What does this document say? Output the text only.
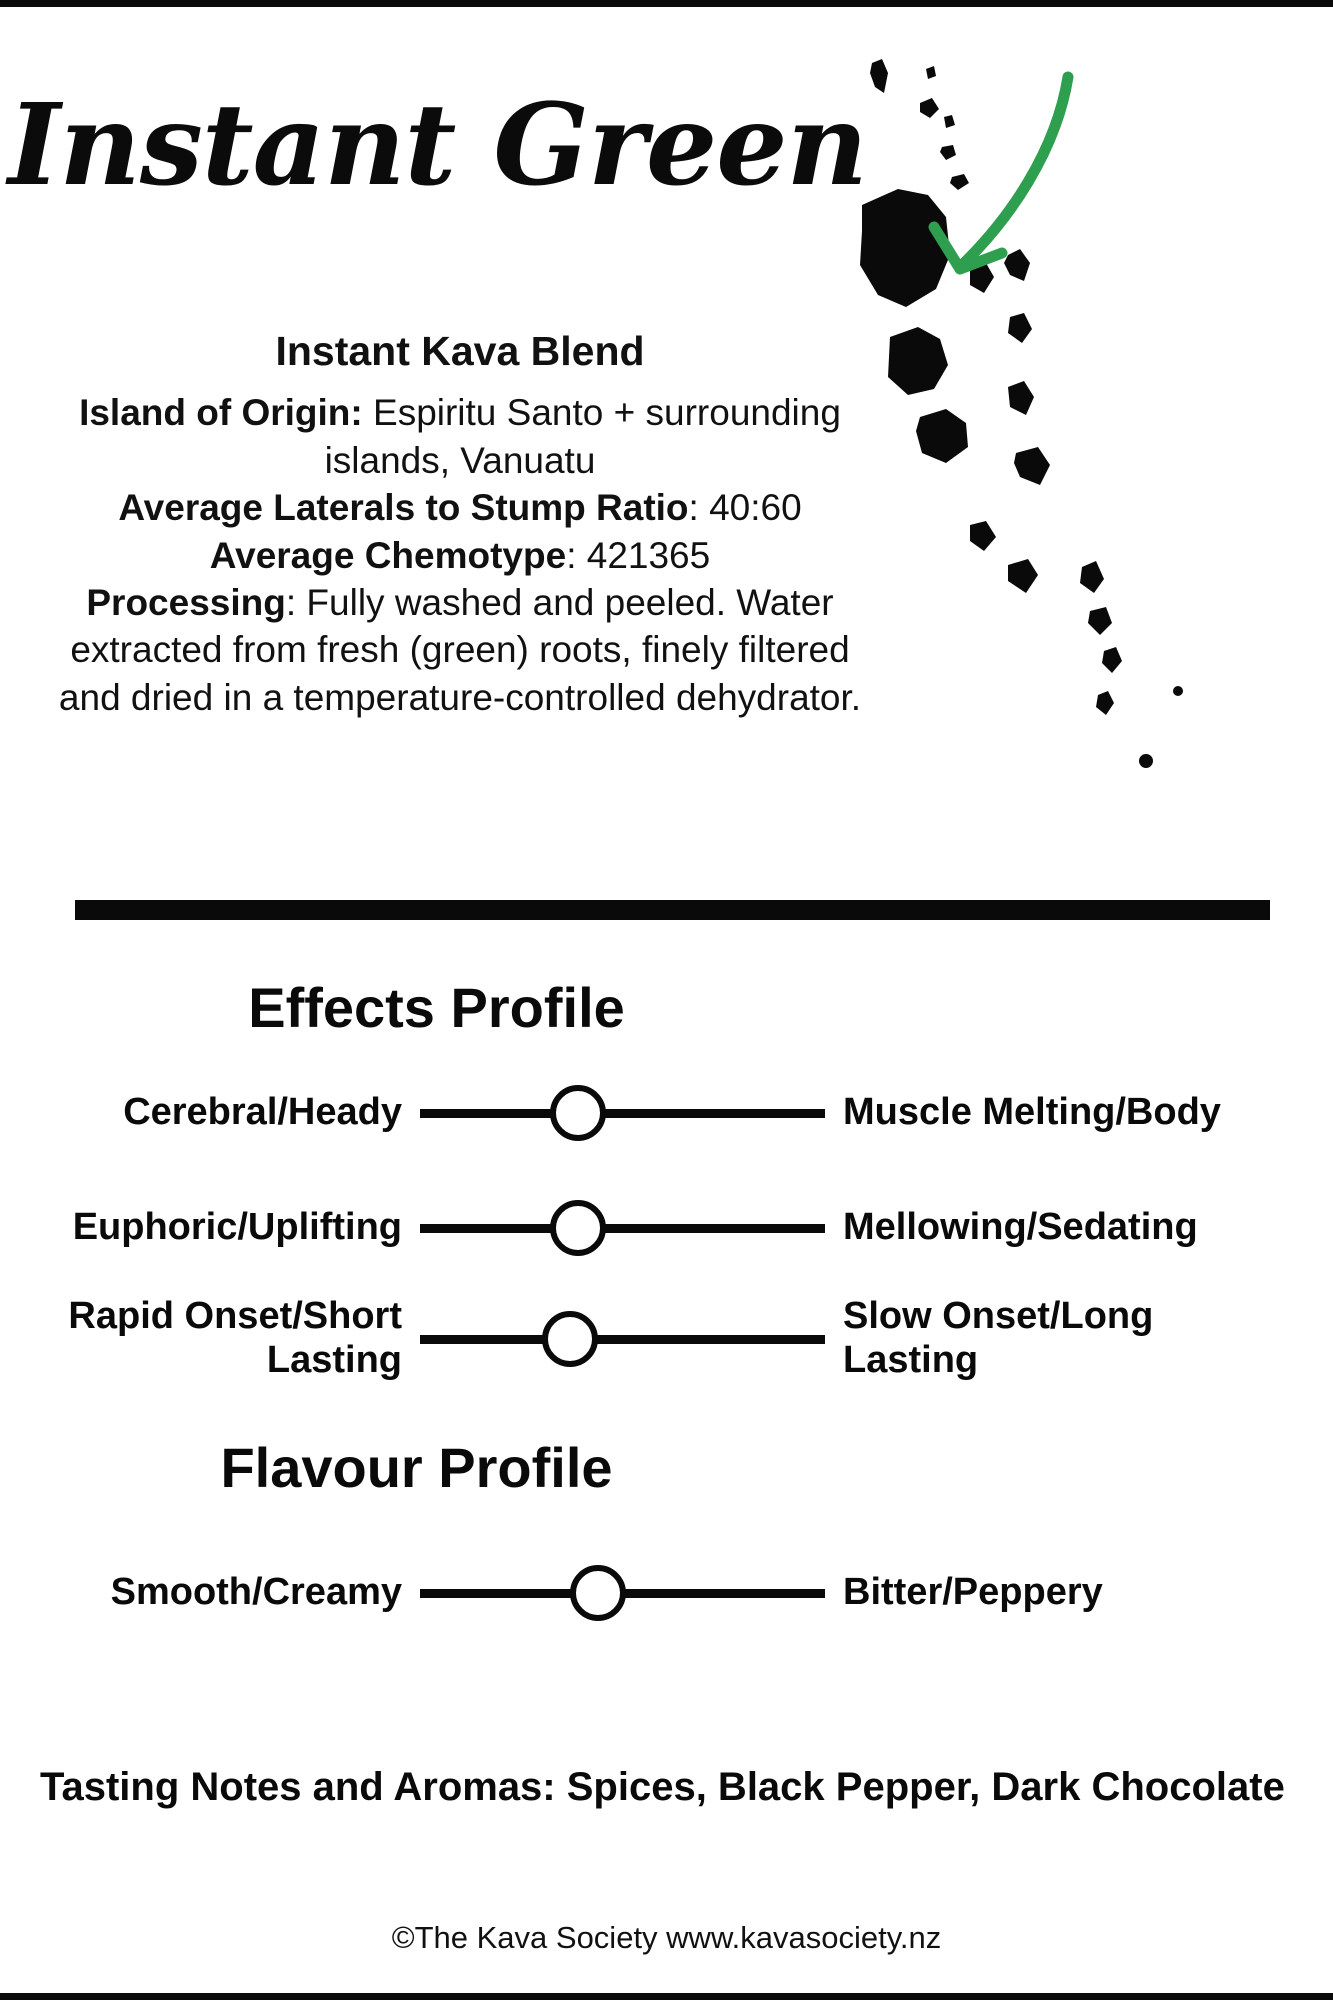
Instant Green
Instant Kava Blend

Island of Origin: Espiritu Santo + surrounding islands, Vanuatu

Average Laterals to Stump Ratio: 40:60

Average Chemotype: 421365

Processing: Fully washed and peeled. Water extracted from fresh (green) roots, finely filtered and dried in a temperature-controlled dehydrator.

Effects Profile
Cerebral/Heady	Muscle Melting/Body
Euphoric/Uplifting	Mellowing/Sedating
Rapid Onset/Short Lasting
Slow Onset/Long Lasting
Flavour Profile
Smooth/Creamy	Bitter/Peppery
Tasting Notes and Aromas: Spices, Black Pepper, Dark Chocolate
©The Kava Society www.kavasociety.nz
